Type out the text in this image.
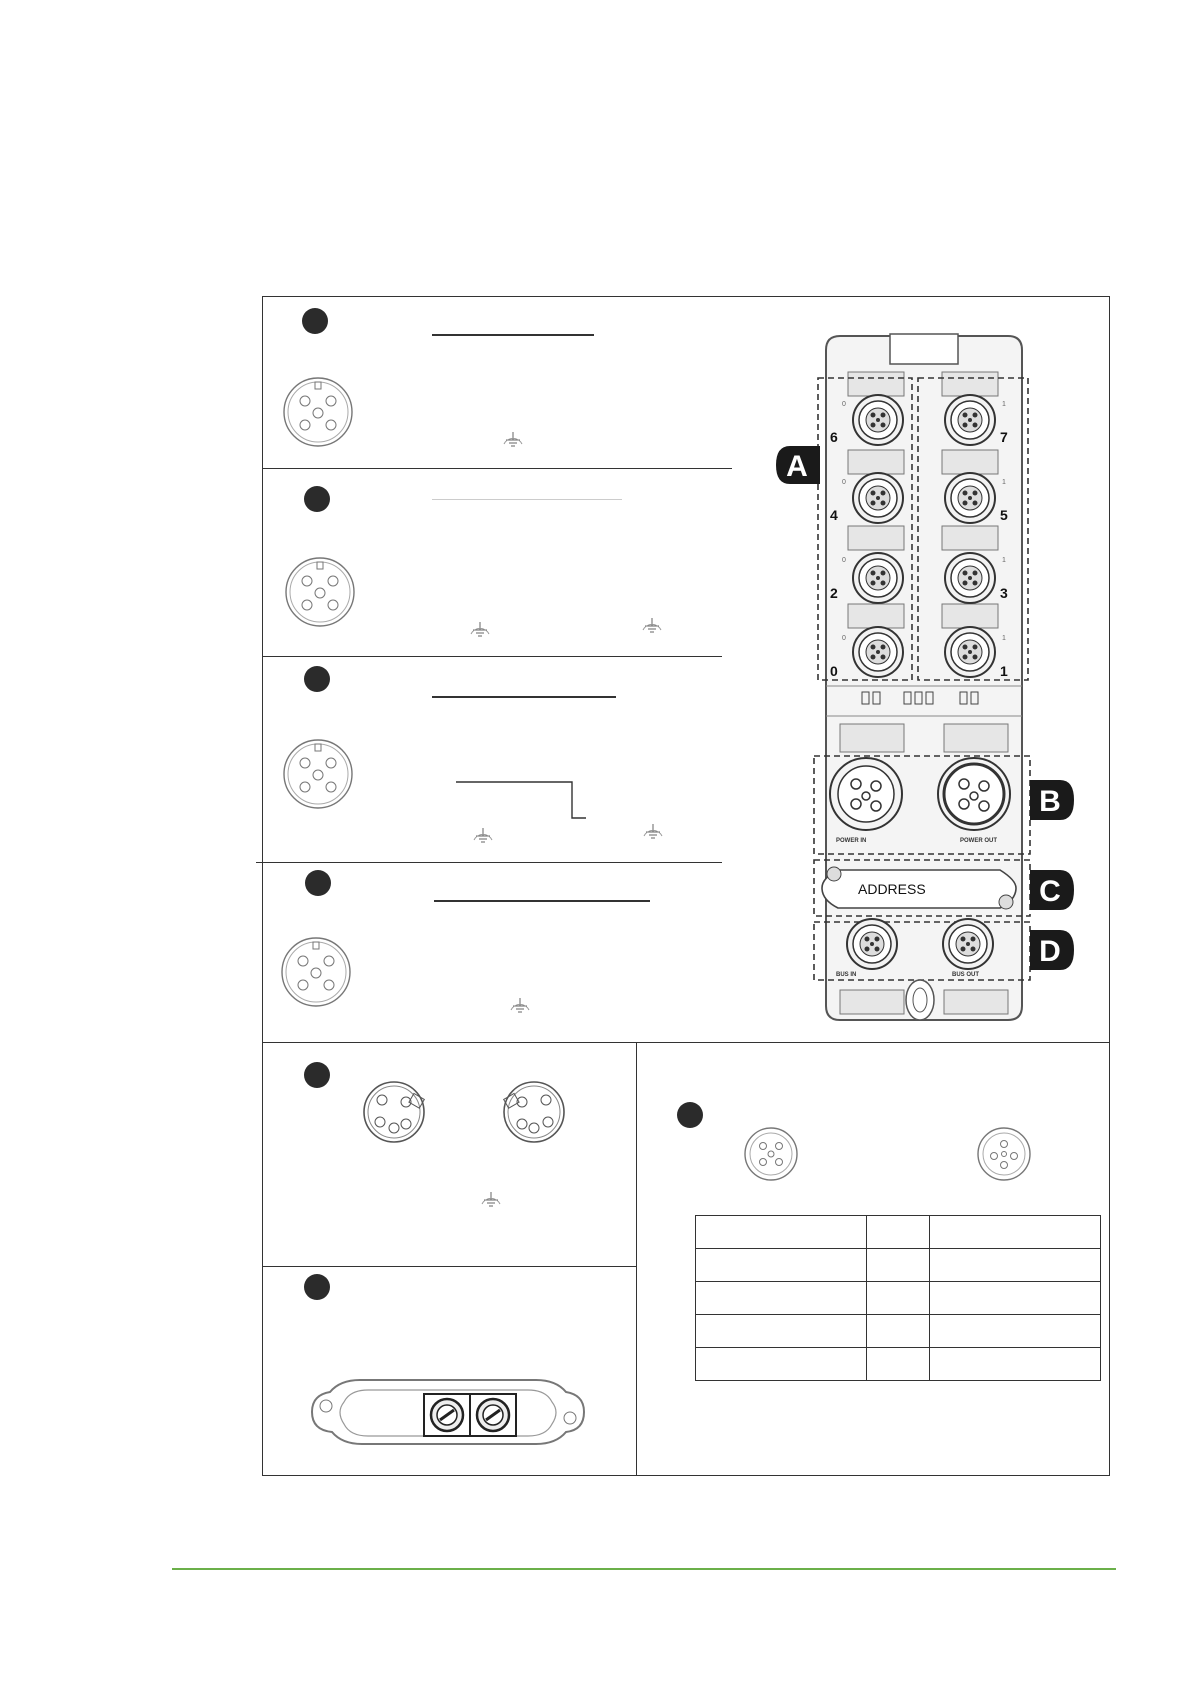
0	1
0	1
0	1
0	1
6	7
4	5
2	3
0	1
A
B
C
D
ADDRESS
POWER IN	POWER OUT
BUS IN	BUS OUT
